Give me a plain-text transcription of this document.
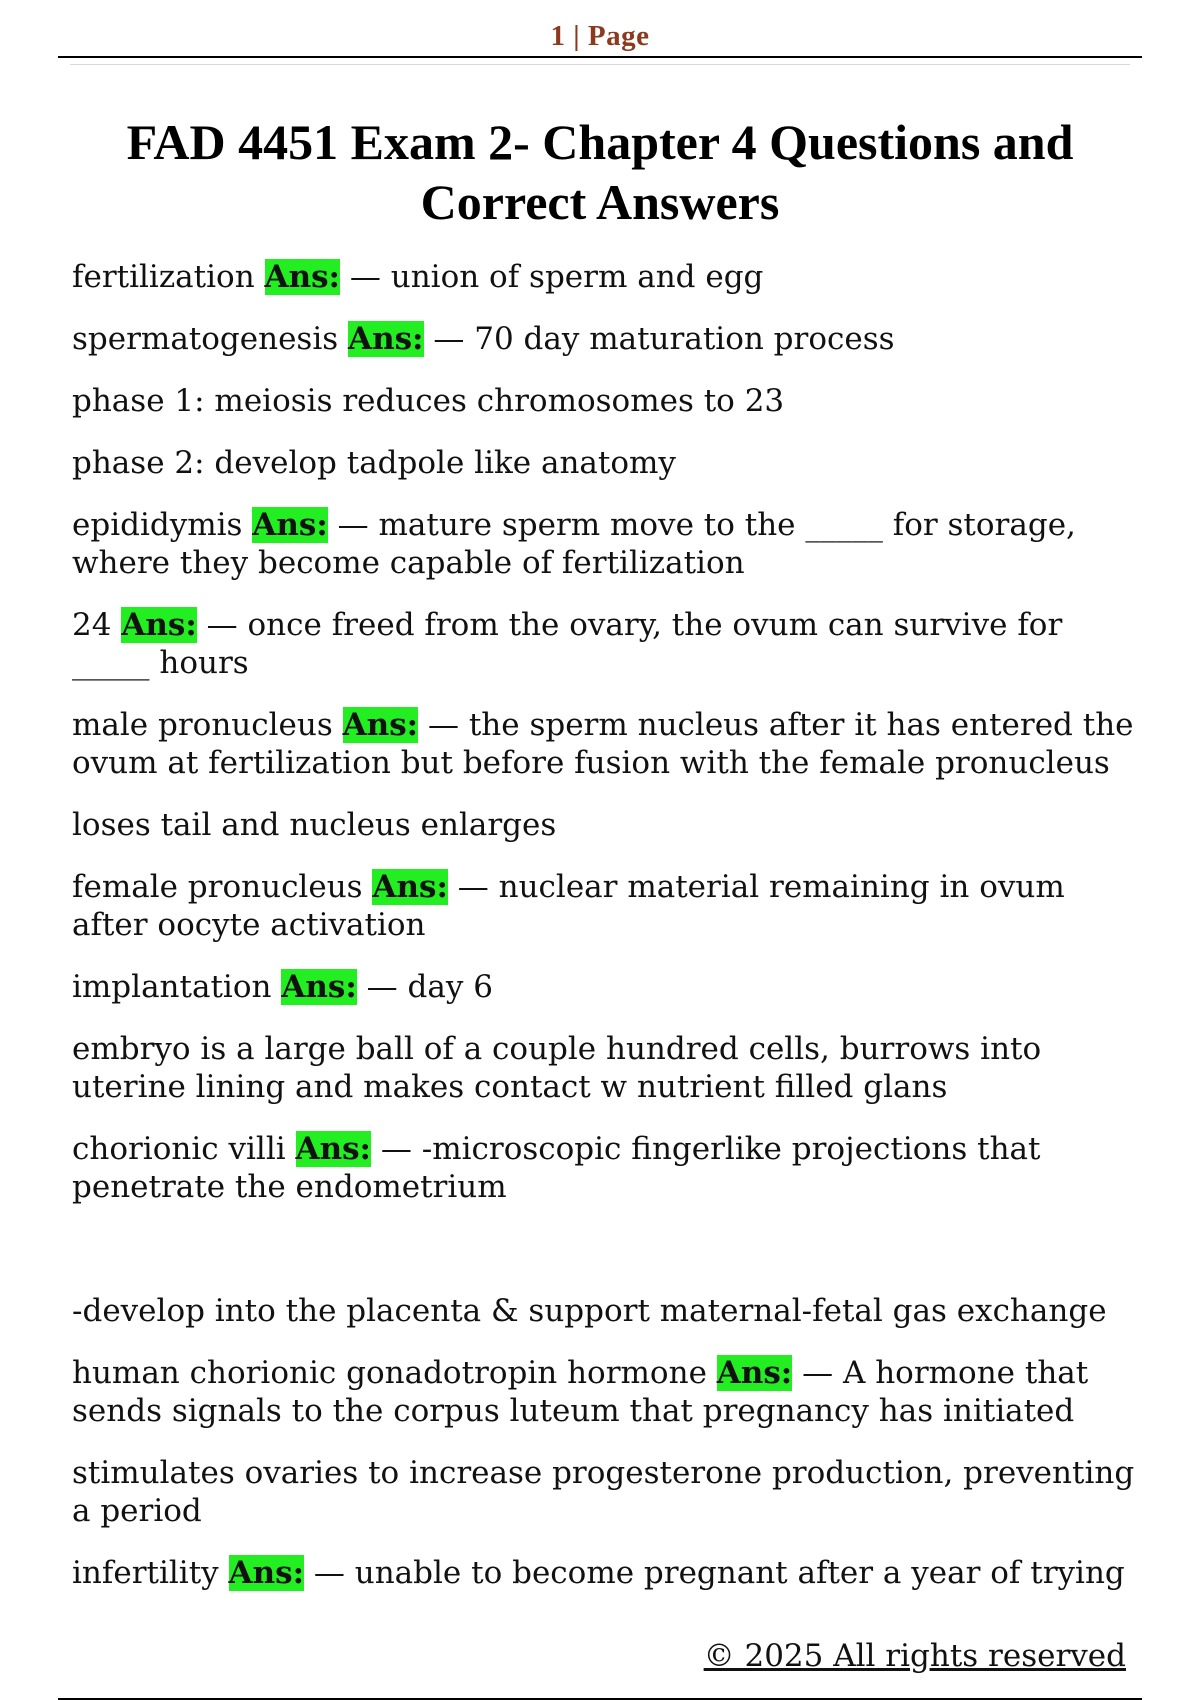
1 | Page
FAD 4451 Exam 2- Chapter 4 Questions and Correct Answers

fertilization Ans: — union of sperm and egg

spermatogenesis Ans: — 70 day maturation process

phase 1: meiosis reduces chromosomes to 23

phase 2: develop tadpole like anatomy

epididymis Ans: — mature sperm move to the _____ for storage, where they become capable of fertilization

24 Ans: — once freed from the ovary, the ovum can survive for _____ hours

male pronucleus Ans: — the sperm nucleus after it has entered the ovum at fertilization but before fusion with the female pronucleus

loses tail and nucleus enlarges

female pronucleus Ans: — nuclear material remaining in ovum after oocyte activation

implantation Ans: — day 6

embryo is a large ball of a couple hundred cells, burrows into uterine lining and makes contact w nutrient filled glans

chorionic villi Ans: — -microscopic fingerlike projections that penetrate the endometrium

-develop into the placenta & support maternal-fetal gas exchange

human chorionic gonadotropin hormone Ans: — A hormone that sends signals to the corpus luteum that pregnancy has initiated

stimulates ovaries to increase progesterone production, preventing a period

infertility Ans: — unable to become pregnant after a year of trying

© 2025 All rights reserved
